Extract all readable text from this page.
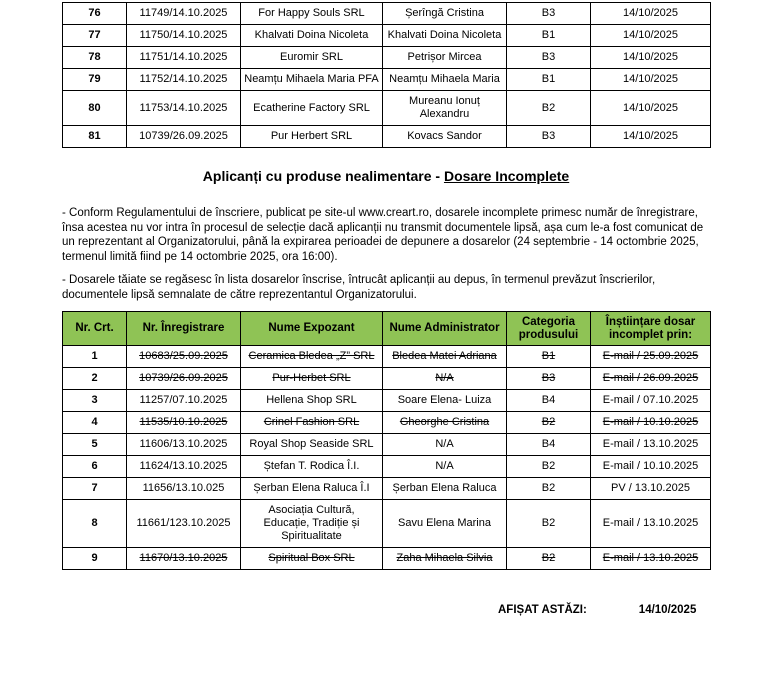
76	11749/14.10.2025	For Happy Souls SRL	Șerîngă Cristina	B3	14/10/2025
77	11750/14.10.2025	Khalvati Doina Nicoleta	Khalvati Doina Nicoleta	B1	14/10/2025
78	11751/14.10.2025	Euromir SRL	Petrișor Mircea	B3	14/10/2025
79	11752/14.10.2025	Neamțu Mihaela Maria PFA	Neamțu Mihaela Maria	B1	14/10/2025
80	11753/14.10.2025	Ecatherine Factory SRL	Mureanu Ionuț Alexandru	B2	14/10/2025
81	10739/26.09.2025	Pur Herbert SRL	Kovacs Sandor	B3	14/10/2025
Aplicanți cu produse nealimentare - Dosare Incomplete

- Conform Regulamentului de înscriere, publicat pe site-ul www.creart.ro, dosarele incomplete primesc număr de înregistrare, însa acestea nu vor intra în procesul de selecție dacă aplicanții nu transmit documentele lipsă, așa cum le-a fost comunicat de un reprezentant al Organizatorului, până la expirarea perioadei de depunere a dosarelor (24 septembrie - 14 octombrie 2025, termenul limită fiind pe 14 octombrie 2025, ora 16:00).

- Dosarele tăiate se regăsesc în lista dosarelor înscrise, întrucât aplicanții au depus, în termenul prevăzut înscrierilor, documentele lipsă semnalate de către reprezentantul Organizatorului.

Nr. Crt.	Nr. Înregistrare	Nume Expozant	Nume Administrator	Categoria produsului	Înștiințare dosar incomplet prin:
1	10683/25.09.2025	Ceramica Bledea „Z” SRL	Bledea Matei Adriana	B1	E-mail / 25.09.2025
2	10739/26.09.2025	Pur-Herbet SRL	N/A	B3	E-mail / 26.09.2025
3	11257/07.10.2025	Hellena Shop SRL	Soare Elena- Luiza	B4	E-mail / 07.10.2025
4	11535/10.10.2025	Crinel Fashion SRL	Gheorghe Cristina	B2	E-mail / 10.10.2025
5	11606/13.10.2025	Royal Shop Seaside SRL	N/A	B4	E-mail / 13.10.2025
6	11624/13.10.2025	Ștefan T. Rodica Î.I.	N/A	B2	E-mail / 10.10.2025
7	11656/13.10.025	Șerban Elena Raluca Î.I	Șerban Elena Raluca	B2	PV / 13.10.2025
8	11661/123.10.2025	Asociația Cultură, Educație, Tradiție și Spiritualitate	Savu Elena Marina	B2	E-mail / 13.10.2025
9	11670/13.10.2025	Spiritual Box SRL	Zaha Mihaela Silvia	B2	E-mail / 13.10.2025
AFIȘAT ASTĂZI:	14/10/2025
